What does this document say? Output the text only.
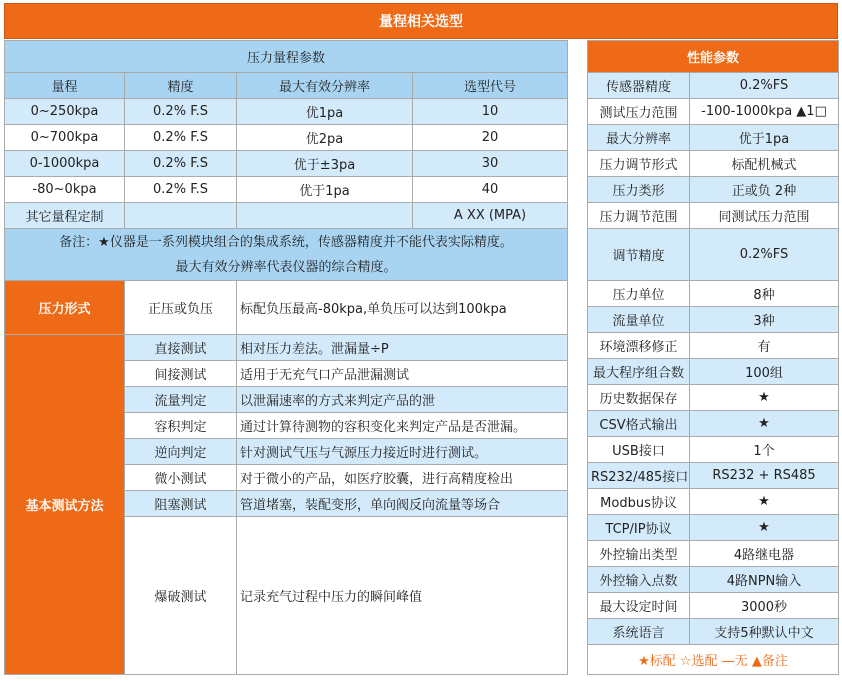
量程相关选型
压力量程参数			
量程	精度	最大有效分辨率	选型代号
0~250kpa	0.2% F.S	优1pa	10
0~700kpa	0.2% F.S	优2pa	20
0-1000kpa	0.2% F.S	优于±3pa	30
-80~0kpa	0.2% F.S	优于1pa	40
其它量程定制			A XX (MPA)

备注：★仪器是一系列模块组合的集成系统，传感器精度并不能代表实际精度。
最大有效分辨率代表仪器的综合精度。			

压力形式	正压或负压	标配负压最高-80kpa,单负压可以达到100kpa	
基本测试方法	直接测试	相对压力差法。泄漏量÷P	
	间接测试	适用于无充气口产品泄漏测试	
	流量判定	以泄漏速率的方式来判定产品的泄	
	容积判定	通过计算待测物的容积变化来判定产品是否泄漏。	
	逆向判定	针对测试气压与气源压力接近时进行测试。	
	微小测试	对于微小的产品，如医疗胶囊，进行高精度检出	
	阻塞测试	管道堵塞，装配变形，单向阀反向流量等场合	
	爆破测试	记录充气过程中压力的瞬间峰值	
性能参数	
传感器精度	0.2%FS
测试压力范围	-100-1000kpa ▲1□
最大分辨率	优于1pa
压力调节形式	标配机械式
压力类形	正或负 2种
压力调节范围	同测试压力范围
调节精度	0.2%FS
压力单位	8种
流量单位	3种
环境漂移修正	有
最大程序组合数	100组
历史数据保存	★
CSV格式输出	★
USB接口	1个
RS232/485接口	RS232 + RS485
Modbus协议	★
TCP/IP协议	★
外控输出类型	4路继电器
外控输入点数	4路NPN输入
最大设定时间	3000秒
系统语言	支持5种默认中文
★标配 ☆选配 —无 ▲备注	
